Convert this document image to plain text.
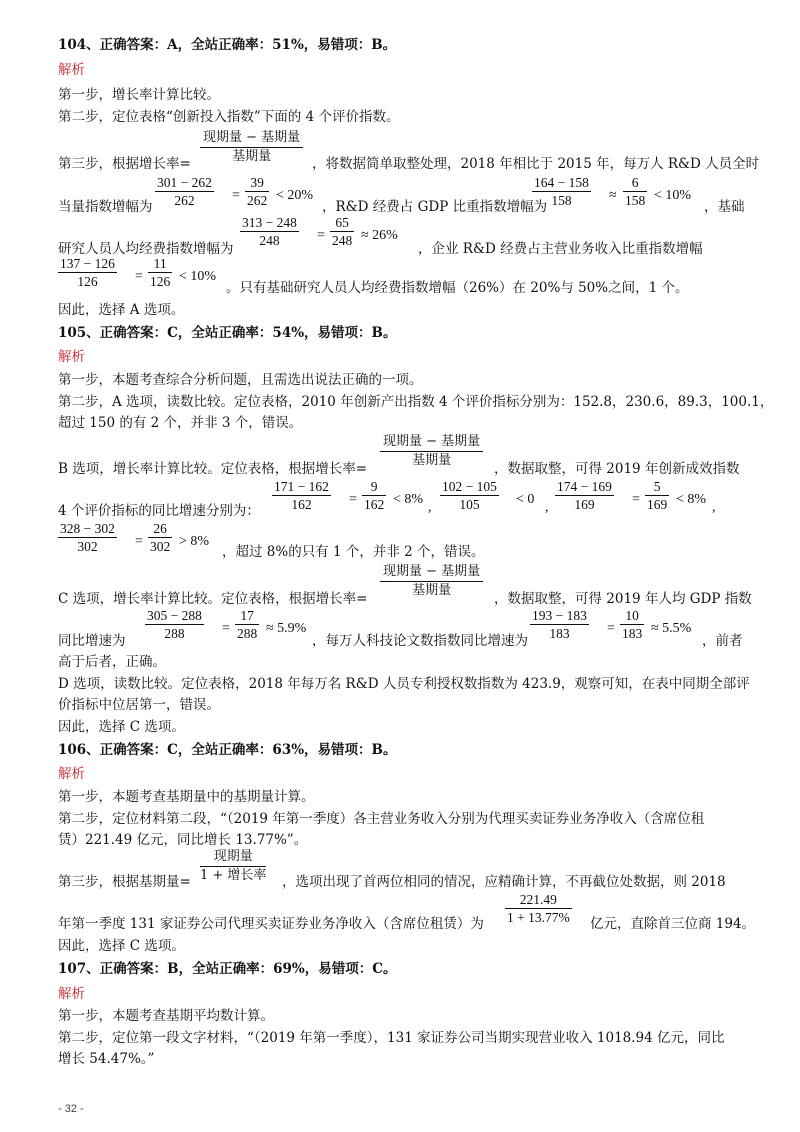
104、正确答案：A，全站正确率：51%，易错项：B。
解析
第一步，增长率计算比较。
第二步，定位表格“创新投入指数”下面的 4 个评价指数。
第三步，根据增长率=
现期量 − 基期量
基期量	，将数据简单取整处理，2018 年相比于 2015 年，每万人 R&D 人员全时
当量指数增幅为 $\frac{301 - 262}{262} = \frac{39}{262} < 20\%$
，R&D 经费占 GDP 比重指数增幅为
$\frac{164 - 158}{158} \approx \frac{6}{158} < 10\%$
，基础
研究人员人均经费指数增幅为 $\frac{313 - 248}{248} = \frac{65}{248} \approx 26\%$
，企业 R&D 经费占主营业务收入比重指数增幅
$\frac{137 - 126}{126} = \frac{11}{126} < 10\%$
。只有基础研究人员人均经费指数增幅（26%）在 20%与 50%之间，1 个。
因此，选择 A 选项。
105、正确答案：C，全站正确率：54%，易错项：B。
解析
第一步，本题考查综合分析问题，且需选出说法正确的一项。
第二步，A 选项，读数比较。定位表格，2010 年创新产出指数 4 个评价指标分别为：152.8，230.6，89.3，100.1，
超过 150 的有 2 个，并非 3 个，错误。
B 选项，增长率计算比较。定位表格，根据增长率=
现期量 − 基期量
基期量
，数据取整，可得 2019 年创新成效指数
4 个评价指标的同比增速分别为： $\frac{171 - 162}{162} = \frac{9}{162} < 8\%$
, $\frac{102 - 105}{105} < 0$
, $\frac{174 - 169}{169} = \frac{5}{169} < 8\%$
,
$\frac{328 - 302}{302} = \frac{26}{302} > 8\%$
，超过 8%的只有 1 个，并非 2 个，错误。
C 选项，增长率计算比较。定位表格，根据增长率=
现期量 − 基期量
基期量
，数据取整，可得 2019 年人均 GDP 指数
同比增速为 $\frac{305 - 288}{288} = \frac{17}{288} \approx 5.9\%$
，每万人科技论文数指数同比增速为 $\frac{193 - 183}{183} = \frac{10}{183} \approx 5.5\%$
，前者
高于后者，正确。
D 选项，读数比较。定位表格，2018 年每万名 R&D 人员专利授权数指数为 423.9，观察可知，在表中同期全部评
价指标中位居第一，错误。
因此，选择 C 选项。
106、正确答案：C，全站正确率：63%，易错项：B。
解析
第一步，本题考查基期量中的基期量计算。
第二步，定位材料第二段，“（2019 年第一季度）各主营业务收入分别为代理买卖证券业务净收入（含席位租
赁）221.49 亿元，同比增长 13.77%”。
第三步，根据基期量=
现期量
1 + 增长率 ，选项出现了首两位相同的情况，应精确计算，不再截位处数据，则 2018
年第一季度 131 家证券公司代理买卖证券业务净收入（含席位租赁）为 $\frac{221.49}{1 + 13.77\%}$ 亿元，直除首三位商 194。
因此，选择 C 选项。
107、正确答案：B，全站正确率：69%，易错项：C。
解析
第一步，本题考查基期平均数计算。
第二步，定位第一段文字材料，“（2019 年第一季度），131 家证券公司当期实现营业收入 1018.94 亿元，同比
增长 54.47%。”
- 32 -
